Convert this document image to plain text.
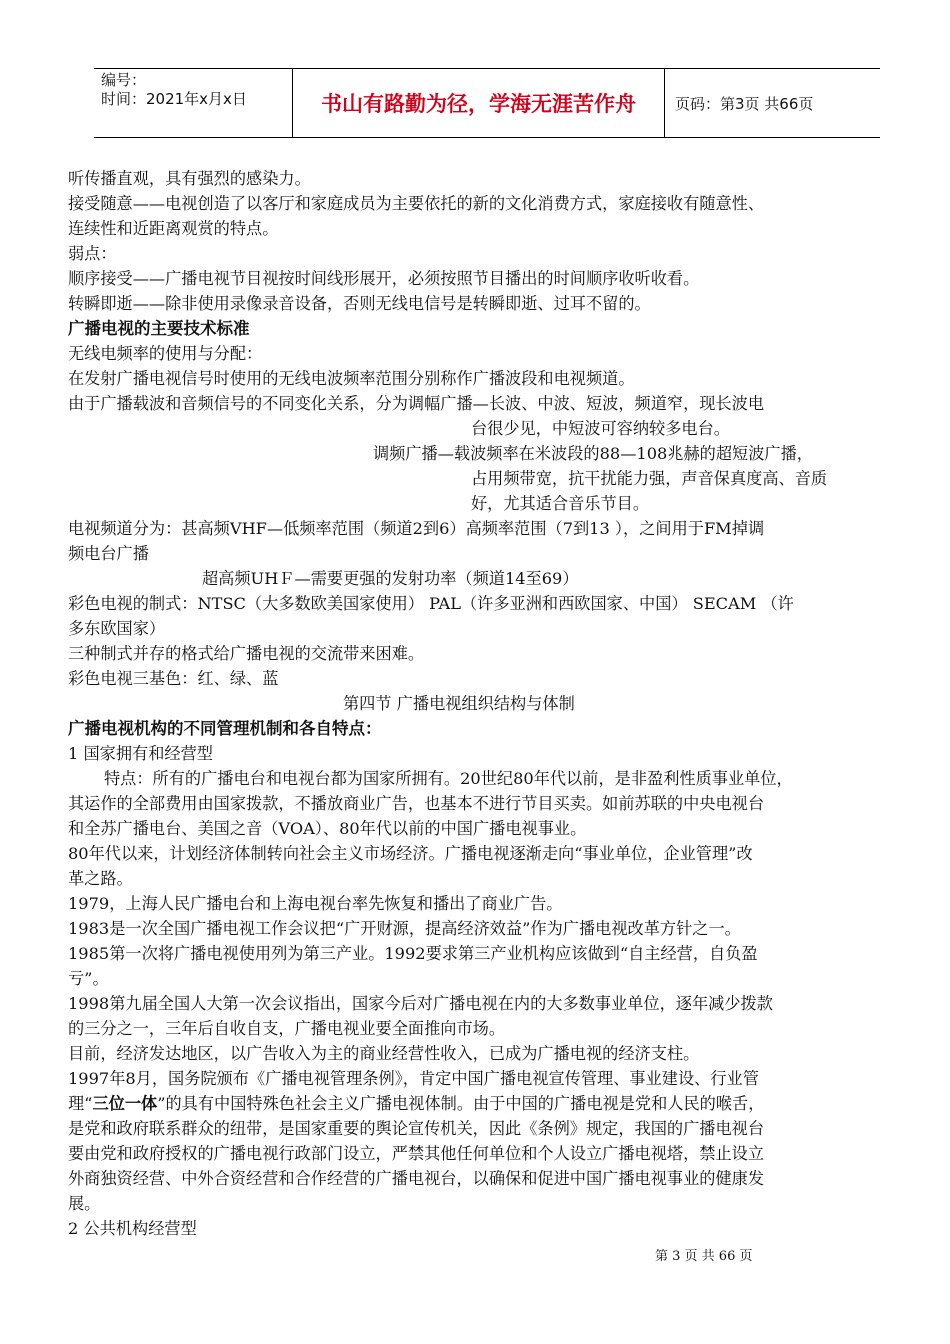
编号：
时间：2021年x月x日	书山有路勤为径，学海无涯苦作舟	页码：第3页 共66页
听传播直观，具有强烈的感染力。
接受随意——电视创造了以客厅和家庭成员为主要依托的新的文化消费方式，家庭接收有随意性、
连续性和近距离观赏的特点。
弱点：
顺序接受——广播电视节目视按时间线形展开，必须按照节目播出的时间顺序收听收看。
转瞬即逝——除非使用录像录音设备，否则无线电信号是转瞬即逝、过耳不留的。
广播电视的主要技术标准
无线电频率的使用与分配：
在发射广播电视信号时使用的无线电波频率范围分别称作广播波段和电视频道。
由于广播载波和音频信号的不同变化关系，分为调幅广播—长波、中波、短波，频道窄，现长波电
台很少见，中短波可容纳较多电台。
调频广播—载波频率在米波段的88—108兆赫的超短波广播，
占用频带宽，抗干扰能力强，声音保真度高、音质
好，尤其适合音乐节目。
电视频道分为：甚高频VHF—低频率范围（频道2到6）高频率范围（7到13 ），之间用于FM掉调
频电台广播
超高频UHＦ—需要更强的发射功率（频道14至69）
彩色电视的制式：NTSC（大多数欧美国家使用） PAL（许多亚洲和西欧国家、中国） SECAM （许
多东欧国家）
三种制式并存的格式给广播电视的交流带来困难。
彩色电视三基色：红、绿、蓝
第四节 广播电视组织结构与体制
广播电视机构的不同管理机制和各自特点：
1 国家拥有和经营型
特点：所有的广播电台和电视台都为国家所拥有。20世纪80年代以前，是非盈利性质事业单位，
其运作的全部费用由国家拨款，不播放商业广告，也基本不进行节目买卖。如前苏联的中央电视台
和全苏广播电台、美国之音（VOA）、80年代以前的中国广播电视事业。
80年代以来，计划经济体制转向社会主义市场经济。广播电视逐渐走向“事业单位，企业管理”改
革之路。
1979，上海人民广播电台和上海电视台率先恢复和播出了商业广告。
1983是一次全国广播电视工作会议把“广开财源，提高经济效益”作为广播电视改革方针之一。
1985第一次将广播电视使用列为第三产业。1992要求第三产业机构应该做到“自主经营，自负盈
亏”。
1998第九届全国人大第一次会议指出，国家今后对广播电视在内的大多数事业单位，逐年减少拨款
的三分之一，三年后自收自支，广播电视业要全面推向市场。
目前，经济发达地区，以广告收入为主的商业经营性收入，已成为广播电视的经济支柱。
1997年8月，国务院颁布《广播电视管理条例》，肯定中国广播电视宣传管理、事业建设、行业管
理“三位一体”的具有中国特殊色社会主义广播电视体制。由于中国的广播电视是党和人民的喉舌，
是党和政府联系群众的纽带，是国家重要的舆论宣传机关，因此《条例》规定，我国的广播电视台
要由党和政府授权的广播电视行政部门设立，严禁其他任何单位和个人设立广播电视塔，禁止设立
外商独资经营、中外合资经营和合作经营的广播电视台，以确保和促进中国广播电视事业的健康发
展。
2 公共机构经营型
第 3 页 共 66 页
